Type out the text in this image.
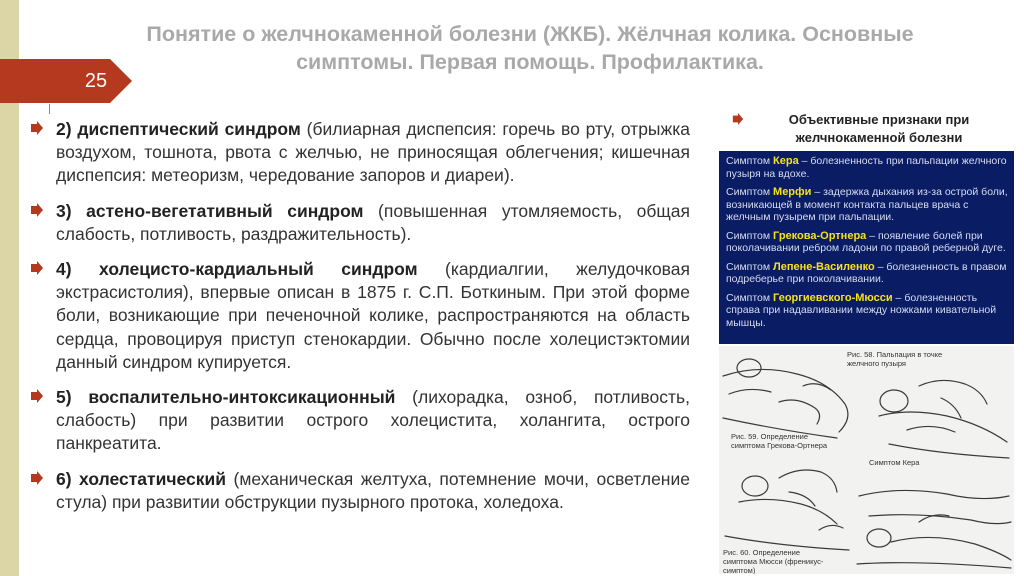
Понятие о желчнокаменной болезни (ЖКБ). Жёлчная колика. Основные симптомы. Первая помощь. Профилактика.
25
2) диспептический синдром (билиарная диспепсия: горечь во рту, отрыжка воздухом, тошнота, рвота с желчью, не приносящая облегчения; кишечная диспепсия: метеоризм, чередование запоров и диареи).
3) астено-вегетативный синдром (повышенная утомляемость, общая слабость, потливость, раздражительность).
4) холецисто-кардиальный синдром (кардиалгии, желудочковая экстрасистолия), впервые описан в 1875 г. С.П. Боткиным. При этой форме боли, возникающие при печеночной колике, распространяются на область сердца, провоцируя приступ стенокардии. Обычно после холецистэктомии данный синдром купируется.
5) воспалительно-интоксикационный (лихорадка, озноб, потливость, слабость) при развитии острого холецистита, холангита, острого панкреатита.
6) холестатический (механическая желтуха, потемнение мочи, осветление стула) при развитии обструкции пузырного протока, холедоха.
Объективные признаки при желчнокаменной болезни
Симптом Кера – болезненность при пальпации желчного пузыря на вдохе.
Симптом Мерфи – задержка дыхания из-за острой боли, возникающей в момент контакта пальцев врача с желчным пузырем при пальпации.
Симптом Грекова-Ортнера – появление болей при поколачивании ребром ладони по правой реберной дуге.
Симптом Лепене-Василенко – болезненность в правом подреберье при поколачивании.
Симптом Георгиевского-Мюсси – болезненность справа при надавливании между ножками кивательной мышцы.
Рис. 58. Пальпация в точке желчного пузыря
Рис. 59. Определение симптома Грекова-Ортнера
Симптом Кера
Рис. 60. Определение симптома Мюсси (френикус-симптом)
